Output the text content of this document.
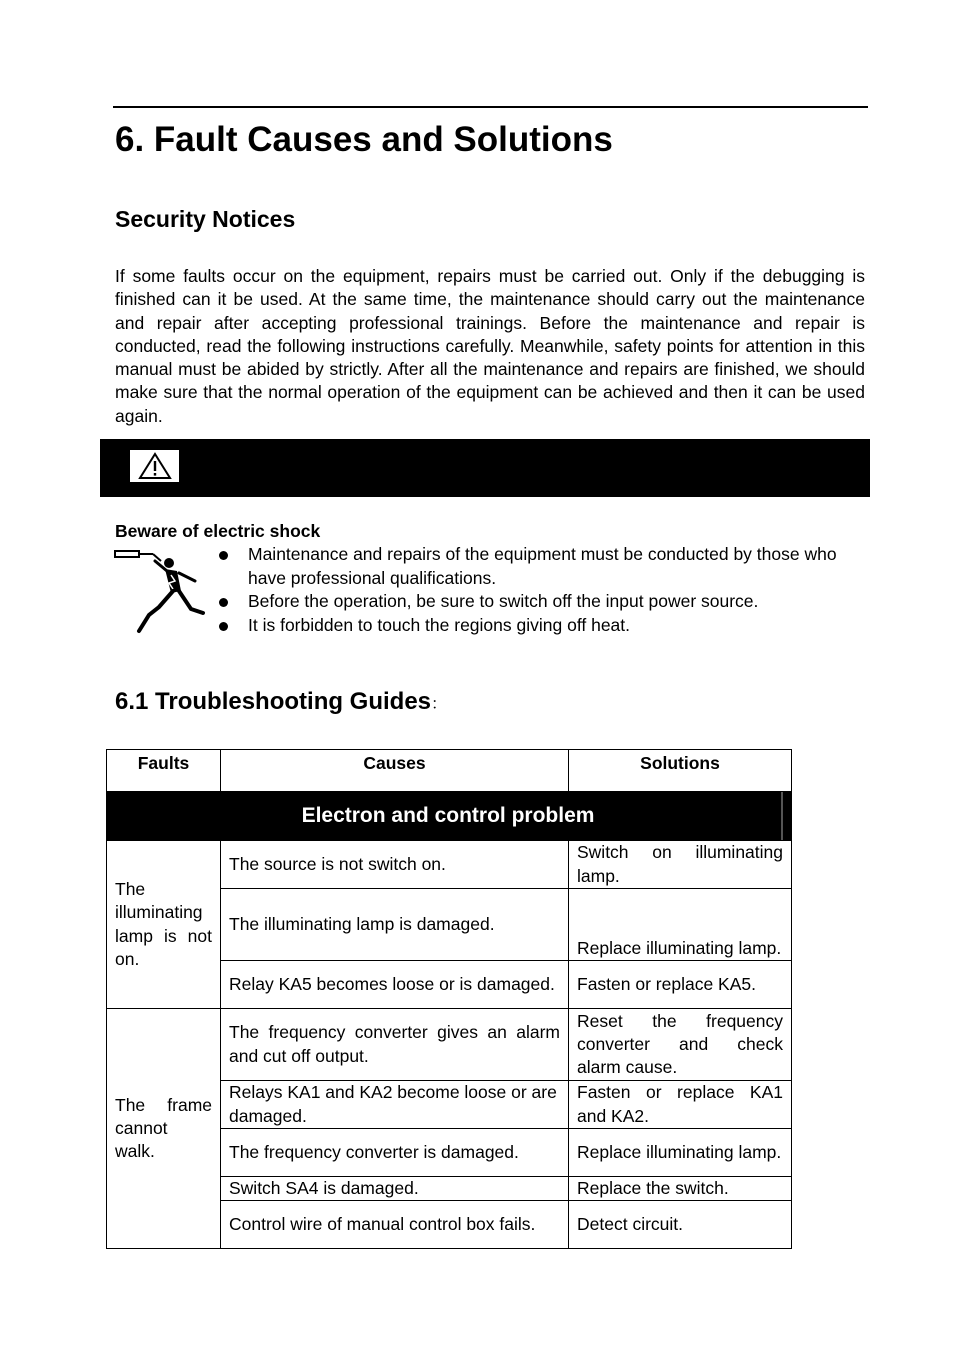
6. Fault Causes and Solutions
Security Notices

If some faults occur on the equipment, repairs must be carried out. Only if the debugging is finished can it be used. At the same time, the maintenance should carry out the maintenance and repair after accepting professional trainings. Before the maintenance and repair is conducted, read the following instructions carefully. Meanwhile, safety points for attention in this manual must be abided by strictly. After all the maintenance and repairs are finished, we should make sure that the normal operation of the equipment can be achieved and then it can be used again.

Beware of electric shock

Maintenance and repairs of the equipment must be conducted by those who have professional qualifications.
Before the operation, be sure to switch off the input power source.
It is forbidden to touch the regions giving off heat.
6.1 Troubleshooting Guides：
Faults	Causes	Solutions

Electron and control problem		

The illuminating lamp is not on.	The source is not switch on.	Switch on illuminating lamp.
	The illuminating lamp is damaged.	Replace illuminating lamp.
	Relay KA5 becomes loose or is damaged.	Fasten or replace KA5.

The frame cannot walk.	The frequency converter gives an alarm and cut off output.	Reset the frequency converter and check alarm cause.
	Relays KA1 and KA2 become loose or are damaged.	Fasten or replace KA1 and KA2.
	The frequency converter is damaged.	Replace illuminating lamp.
	Switch SA4 is damaged.	Replace the switch.
	Control wire of manual control box fails.	Detect circuit.
